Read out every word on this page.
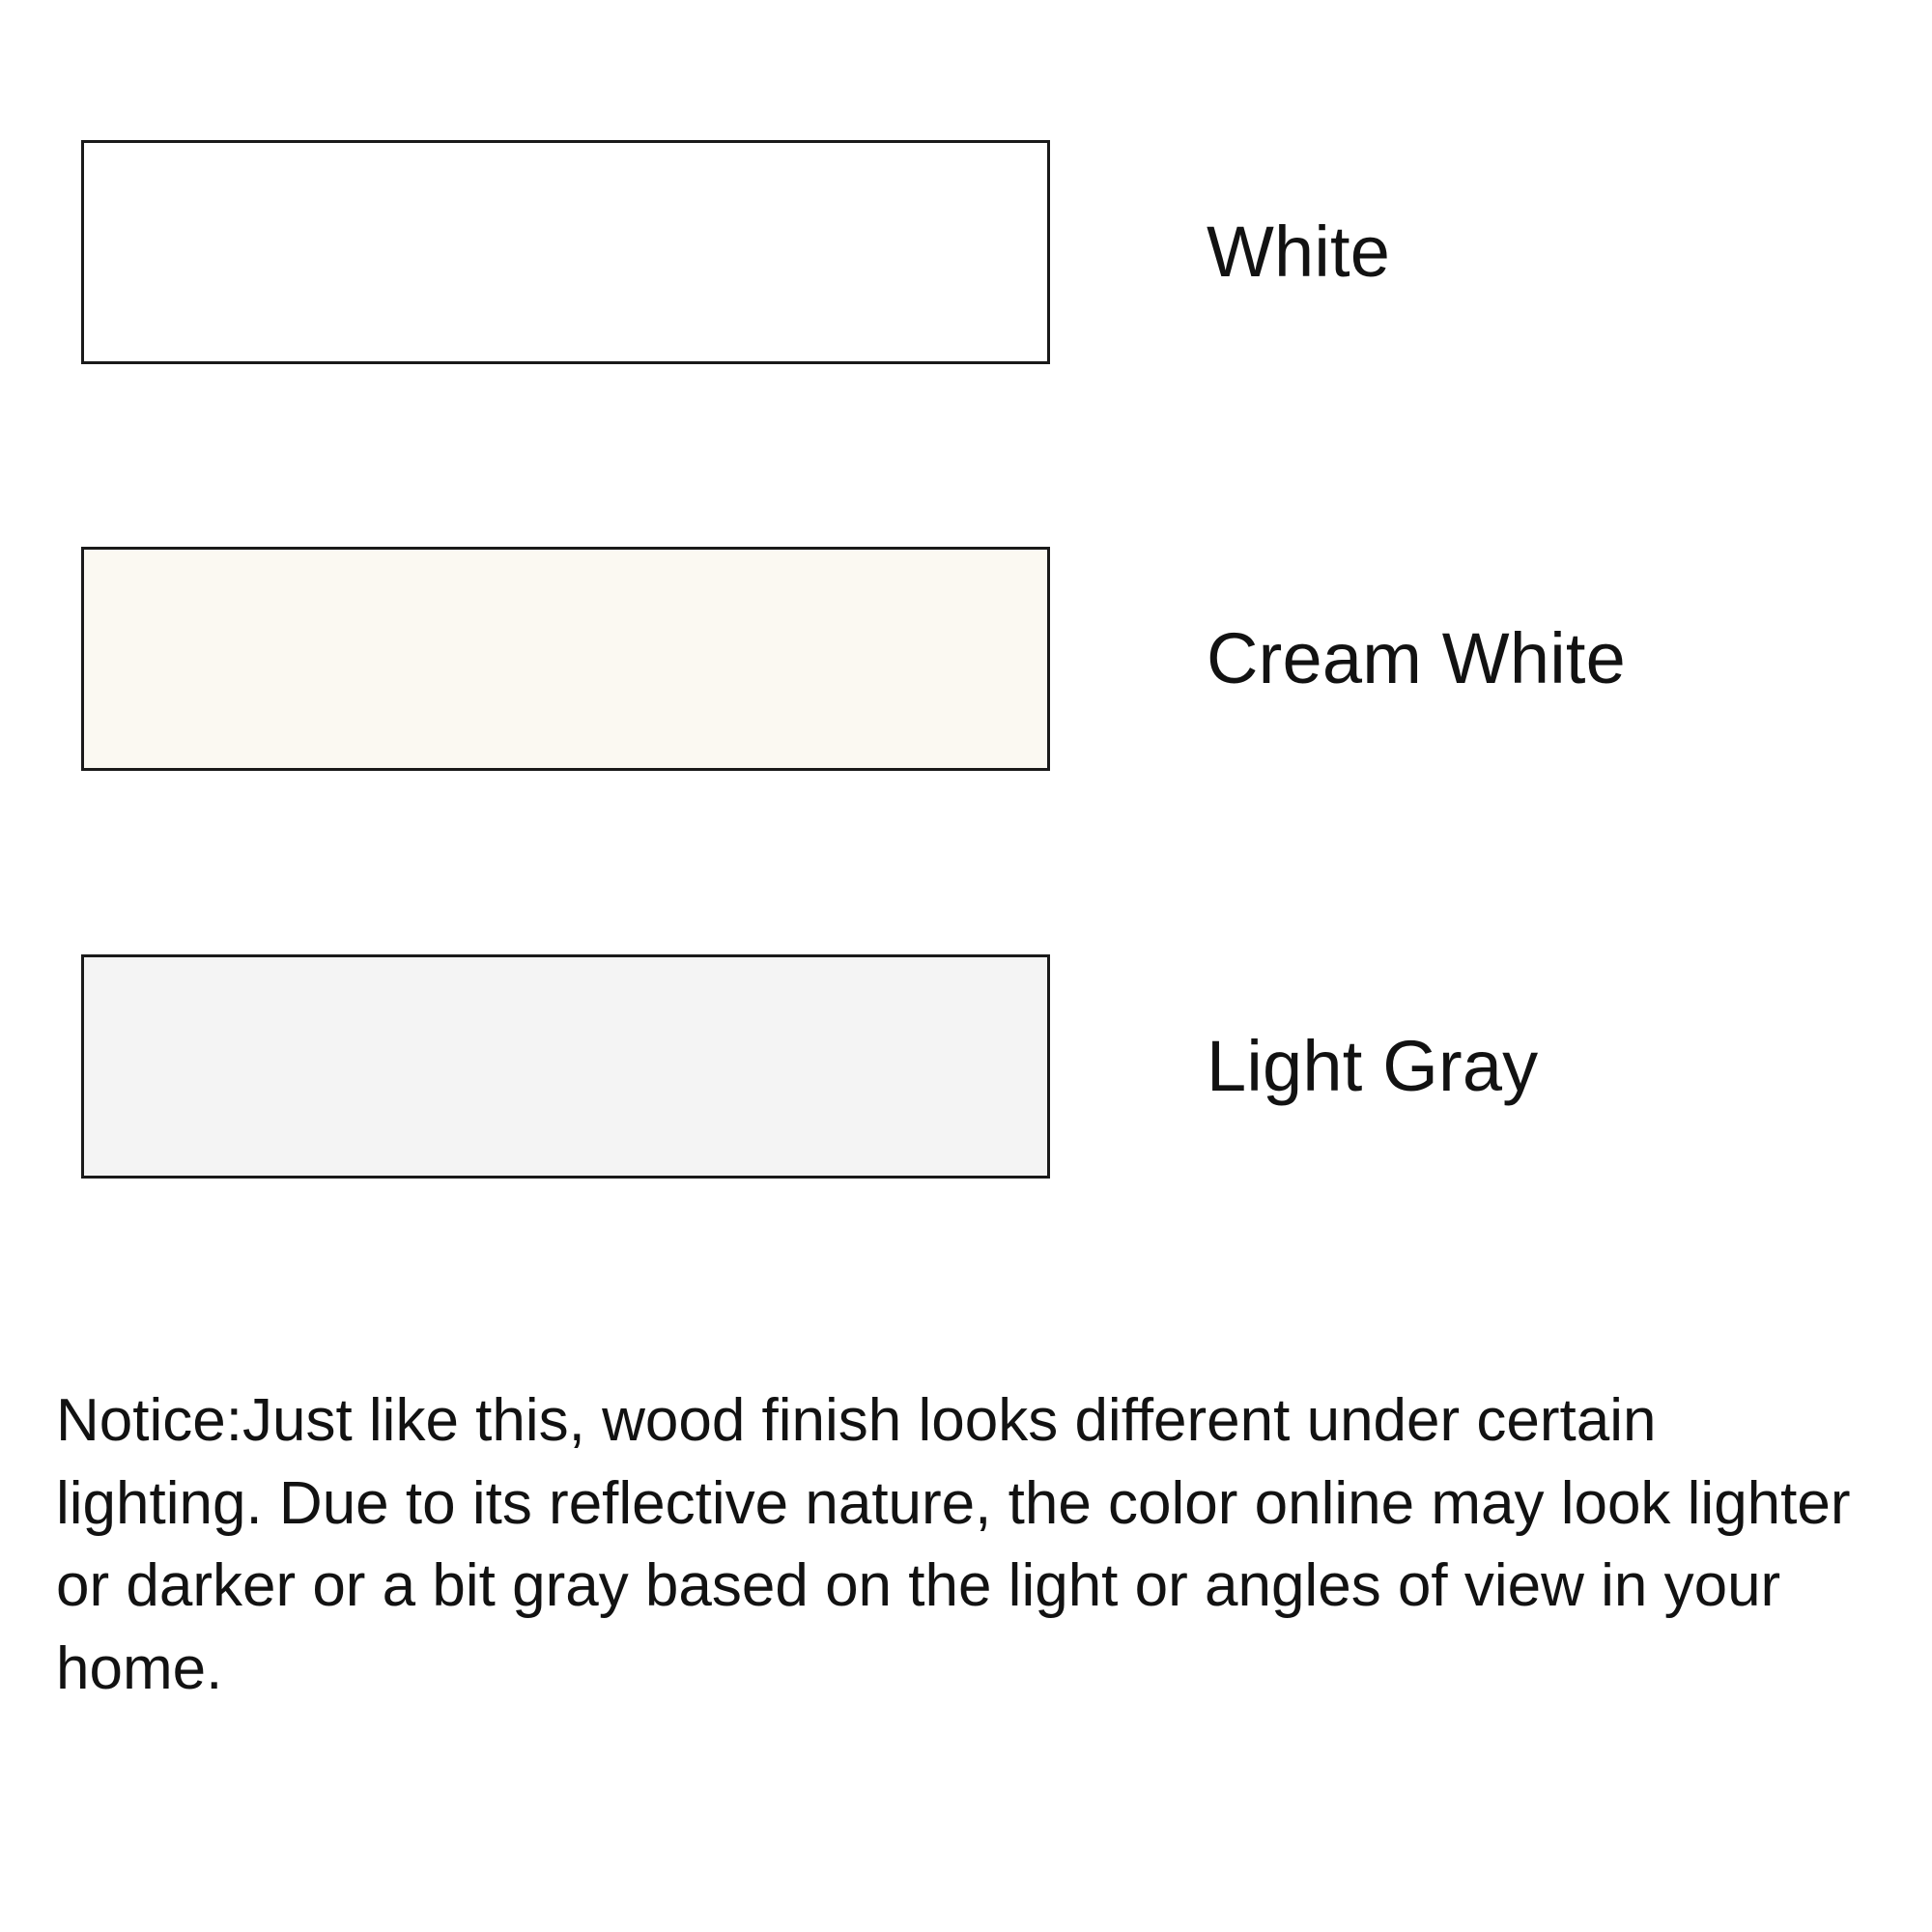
White
Cream White
Light Gray
Notice:Just like this, wood finish looks different under certain lighting. Due to its reflective nature, the color online may look lighter or darker or a bit gray based on the light or angles of view in your home.
